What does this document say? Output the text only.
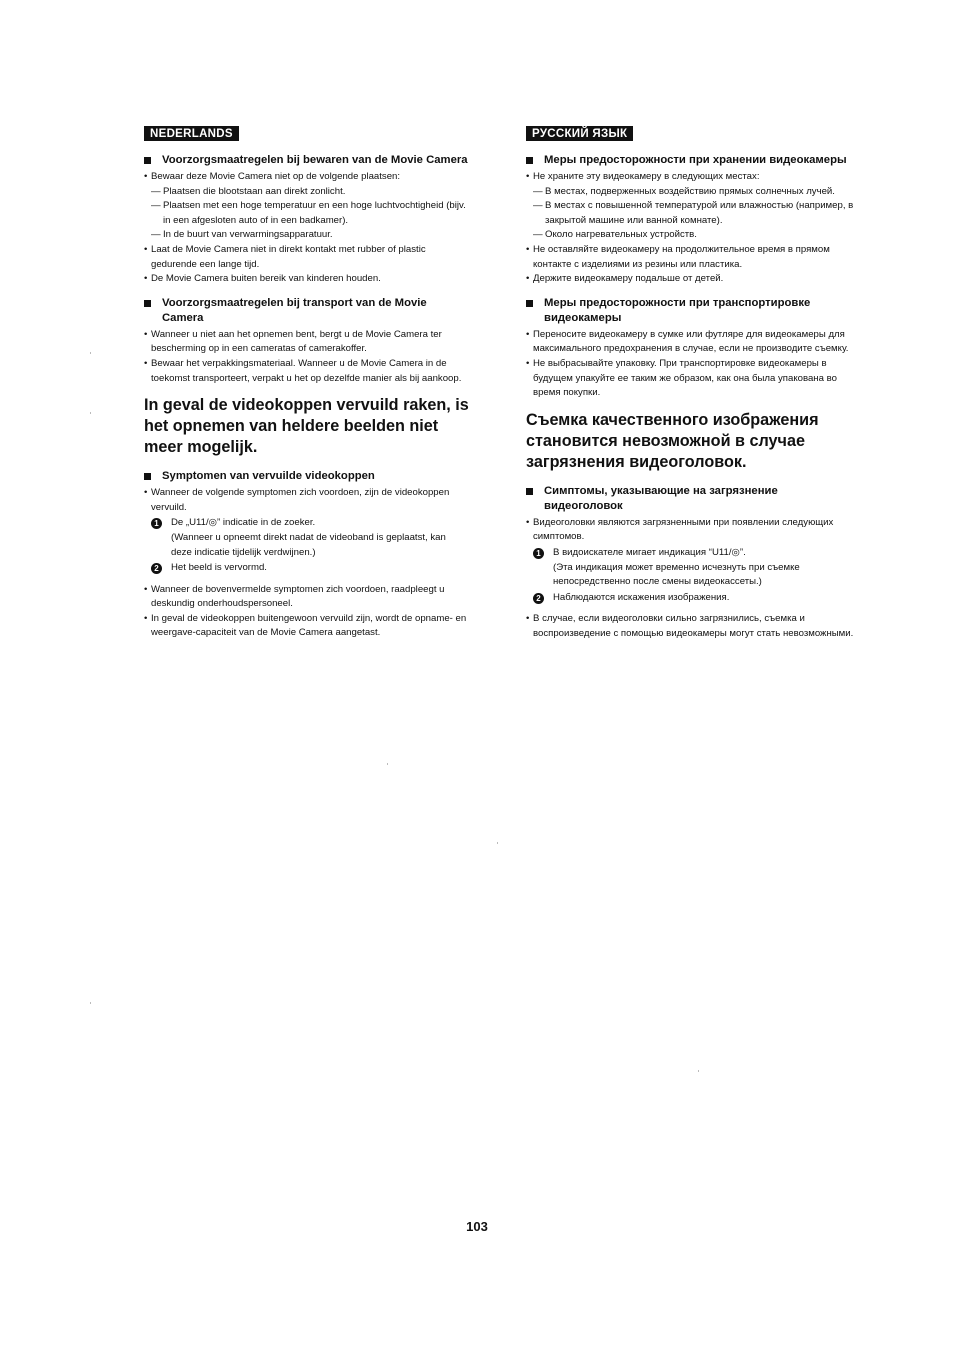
NEDERLANDS
Voorzorgsmaatregelen bij bewaren van de Movie Camera
• Bewaar deze Movie Camera niet op de volgende plaatsen:
— Plaatsen die blootstaan aan direkt zonlicht.
— Plaatsen met een hoge temperatuur en een hoge luchtvochtigheid (bijv. in een afgesloten auto of in een badkamer).
— In de buurt van verwarmingsapparatuur.
• Laat de Movie Camera niet in direkt kontakt met rubber of plastic gedurende een lange tijd.
• De Movie Camera buiten bereik van kinderen houden.
Voorzorgsmaatregelen bij transport van de Movie Camera
• Wanneer u niet aan het opnemen bent, bergt u de Movie Camera ter bescherming op in een cameratas of camerakoffer.
• Bewaar het verpakkingsmateriaal. Wanneer u de Movie Camera in de toekomst transporteert, verpakt u het op dezelfde manier als bij aankoop.
In geval de videokoppen vervuild raken, is het opnemen van heldere beelden niet meer mogelijk.
Symptomen van vervuilde videokoppen
• Wanneer de volgende symptomen zich voordoen, zijn de videokoppen vervuild.
1	De „U11/◎” indicatie in de zoeker.
(Wanneer u opneemt direkt nadat de videoband is geplaatst, kan deze indicatie tijdelijk verdwijnen.)
2	Het beeld is vervormd.
• Wanneer de bovenvermelde symptomen zich voordoen, raadpleegt u deskundig onderhoudspersoneel.
• In geval de videokoppen buitengewoon vervuild zijn, wordt de opname- en weergave-capaciteit van de Movie Camera aangetast.
РУССКИЙ ЯЗЫК
Меры предосторожности при хранении видеокамеры
• Не храните эту видеокамеру в следующих местах:
— В местах, подверженных воздействию прямых солнечных лучей.
— В местах с повышенной температурой или влажностью (например, в закрытой машине или ванной комнате).
— Около нагревательных устройств.
• Не оставляйте видеокамеру на продолжительное время в прямом контакте с изделиями из резины или пластика.
• Держите видеокамеру подальше от детей.
Меры предосторожности при транспортировке видеокамеры
• Переносите видеокамеру в сумке или футляре для видеокамеры для максимального предохранения в случае, если не производите съемку.
• Не выбрасывайте упаковку. При транспортировке видеокамеры в будущем упакуйте ее таким же образом, как она была упакована во время покупки.
Съемка качественного изображения становится невозможной в случае загрязнения видеоголовок.
Симптомы, указывающие на загрязнение видеоголовок
• Видеоголовки являются загрязненными при появлении следующих симптомов.
1	В видоискателе мигает индикация “U11/◎”.
(Эта индикация может временно исчезнуть при съемке непосредственно после смены видеокассеты.)
2	Наблюдаются искажения изображения.
• В случае, если видеоголовки сильно загрязнились, съемка и воспроизведение с помощью видеокамеры могут стать невозможными.
103
